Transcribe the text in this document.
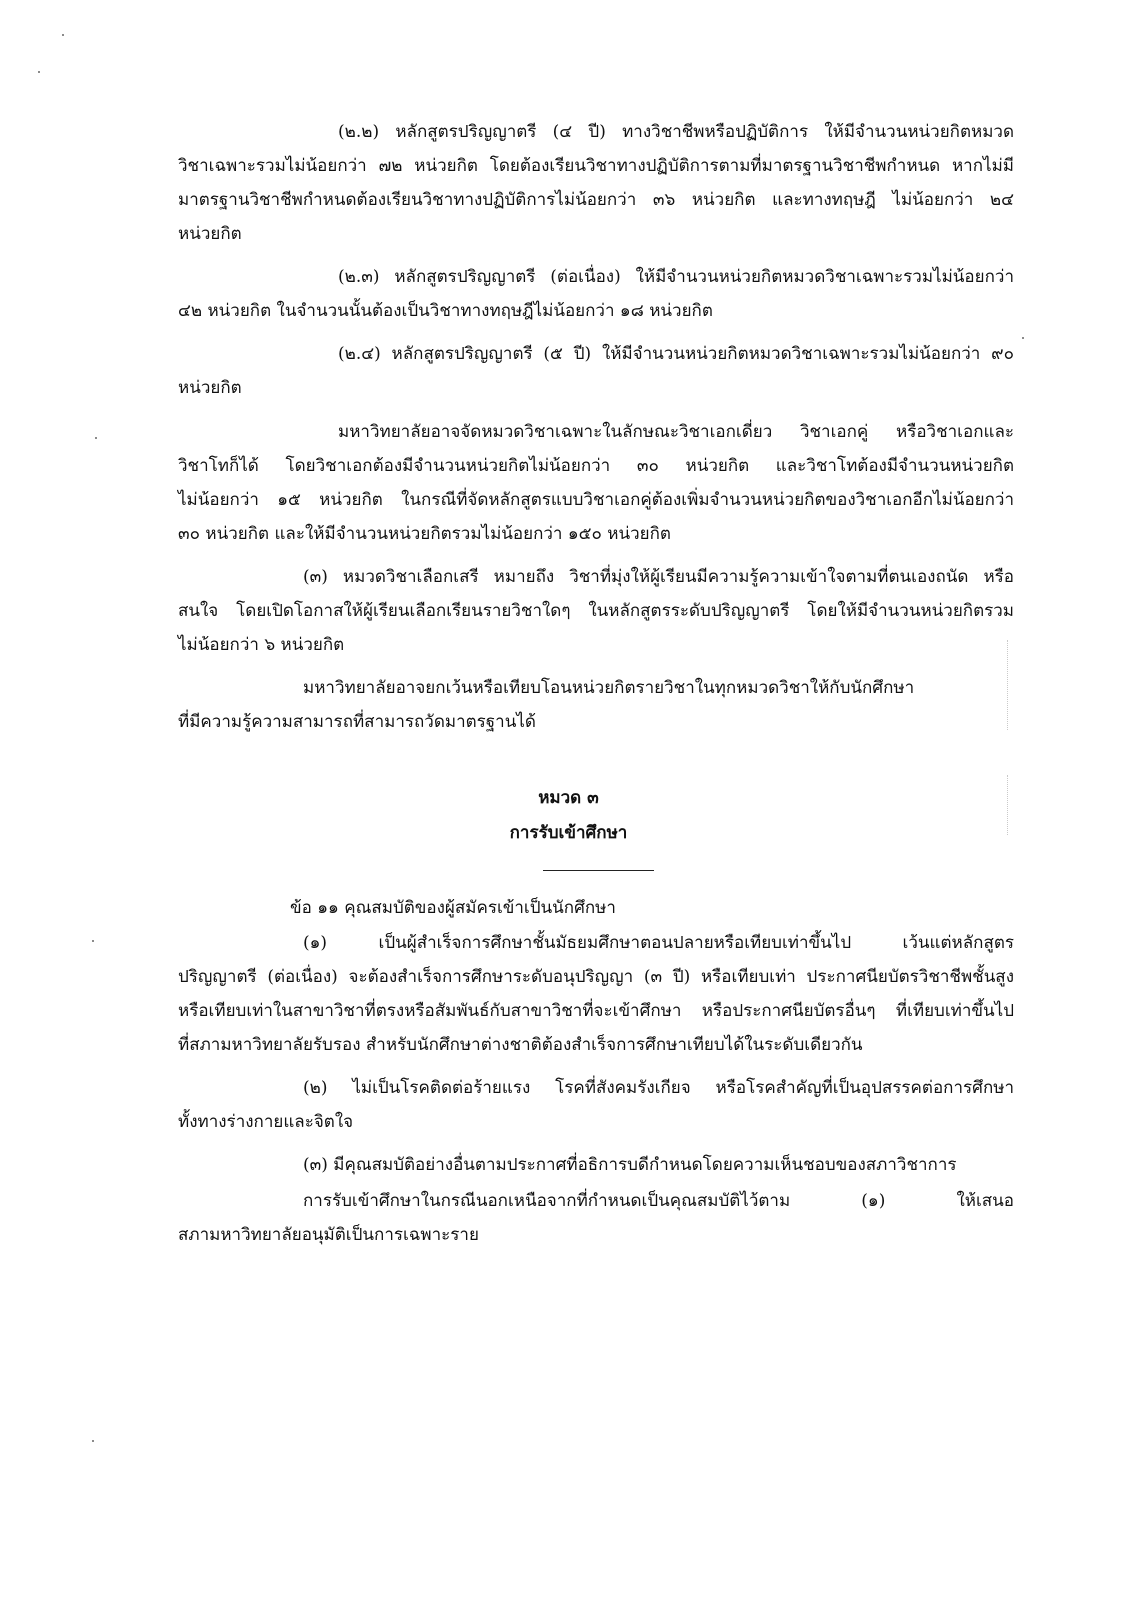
(๒.๒) หลักสูตรปริญญาตรี (๔ ปี) ทางวิชาชีพหรือปฏิบัติการ ให้มีจำนวนหน่วยกิตหมวด
วิชาเฉพาะรวมไม่น้อยกว่า ๗๒ หน่วยกิต โดยต้องเรียนวิชาทางปฏิบัติการตามที่มาตรฐานวิชาชีพกำหนด หากไม่มี
มาตรฐานวิชาชีพกำหนดต้องเรียนวิชาทางปฏิบัติการไม่น้อยกว่า ๓๖ หน่วยกิต และทางทฤษฎี ไม่น้อยกว่า ๒๔
หน่วยกิต
(๒.๓) หลักสูตรปริญญาตรี (ต่อเนื่อง) ให้มีจำนวนหน่วยกิตหมวดวิชาเฉพาะรวมไม่น้อยกว่า
๔๒ หน่วยกิต ในจำนวนนั้นต้องเป็นวิชาทางทฤษฎีไม่น้อยกว่า ๑๘ หน่วยกิต
(๒.๔) หลักสูตรปริญญาตรี (๕ ปี) ให้มีจำนวนหน่วยกิตหมวดวิชาเฉพาะรวมไม่น้อยกว่า ๙๐
หน่วยกิต
มหาวิทยาลัยอาจจัดหมวดวิชาเฉพาะในลักษณะวิชาเอกเดี่ยว วิชาเอกคู่ หรือวิชาเอกและ
วิชาโทก็ได้ โดยวิชาเอกต้องมีจำนวนหน่วยกิตไม่น้อยกว่า ๓๐ หน่วยกิต และวิชาโทต้องมีจำนวนหน่วยกิต
ไม่น้อยกว่า ๑๕ หน่วยกิต ในกรณีที่จัดหลักสูตรแบบวิชาเอกคู่ต้องเพิ่มจำนวนหน่วยกิตของวิชาเอกอีกไม่น้อยกว่า
๓๐ หน่วยกิต และให้มีจำนวนหน่วยกิตรวมไม่น้อยกว่า ๑๕๐ หน่วยกิต
(๓) หมวดวิชาเลือกเสรี หมายถึง วิชาที่มุ่งให้ผู้เรียนมีความรู้ความเข้าใจตามที่ตนเองถนัด หรือ
สนใจ โดยเปิดโอกาสให้ผู้เรียนเลือกเรียนรายวิชาใดๆ ในหลักสูตรระดับปริญญาตรี โดยให้มีจำนวนหน่วยกิตรวม
ไม่น้อยกว่า ๖ หน่วยกิต
มหาวิทยาลัยอาจยกเว้นหรือเทียบโอนหน่วยกิตรายวิชาในทุกหมวดวิชาให้กับนักศึกษา
ที่มีความรู้ความสามารถที่สามารถวัดมาตรฐานได้
หมวด ๓
การรับเข้าศึกษา
ข้อ ๑๑ คุณสมบัติของผู้สมัครเข้าเป็นนักศึกษา
(๑) เป็นผู้สำเร็จการศึกษาชั้นมัธยมศึกษาตอนปลายหรือเทียบเท่าขึ้นไป เว้นแต่หลักสูตร
ปริญญาตรี (ต่อเนื่อง) จะต้องสำเร็จการศึกษาระดับอนุปริญญา (๓ ปี) หรือเทียบเท่า ประกาศนียบัตรวิชาชีพชั้นสูง
หรือเทียบเท่าในสาขาวิชาที่ตรงหรือสัมพันธ์กับสาขาวิชาที่จะเข้าศึกษา หรือประกาศนียบัตรอื่นๆ ที่เทียบเท่าขึ้นไป
ที่สภามหาวิทยาลัยรับรอง สำหรับนักศึกษาต่างชาติต้องสำเร็จการศึกษาเทียบได้ในระดับเดียวกัน
(๒) ไม่เป็นโรคติดต่อร้ายแรง โรคที่สังคมรังเกียจ หรือโรคสำคัญที่เป็นอุปสรรคต่อการศึกษา
ทั้งทางร่างกายและจิตใจ
(๓) มีคุณสมบัติอย่างอื่นตามประกาศที่อธิการบดีกำหนดโดยความเห็นชอบของสภาวิชาการ
การรับเข้าศึกษาในกรณีนอกเหนือจากที่กำหนดเป็นคุณสมบัติไว้ตาม (๑) ให้เสนอ
สภามหาวิทยาลัยอนุมัติเป็นการเฉพาะราย
